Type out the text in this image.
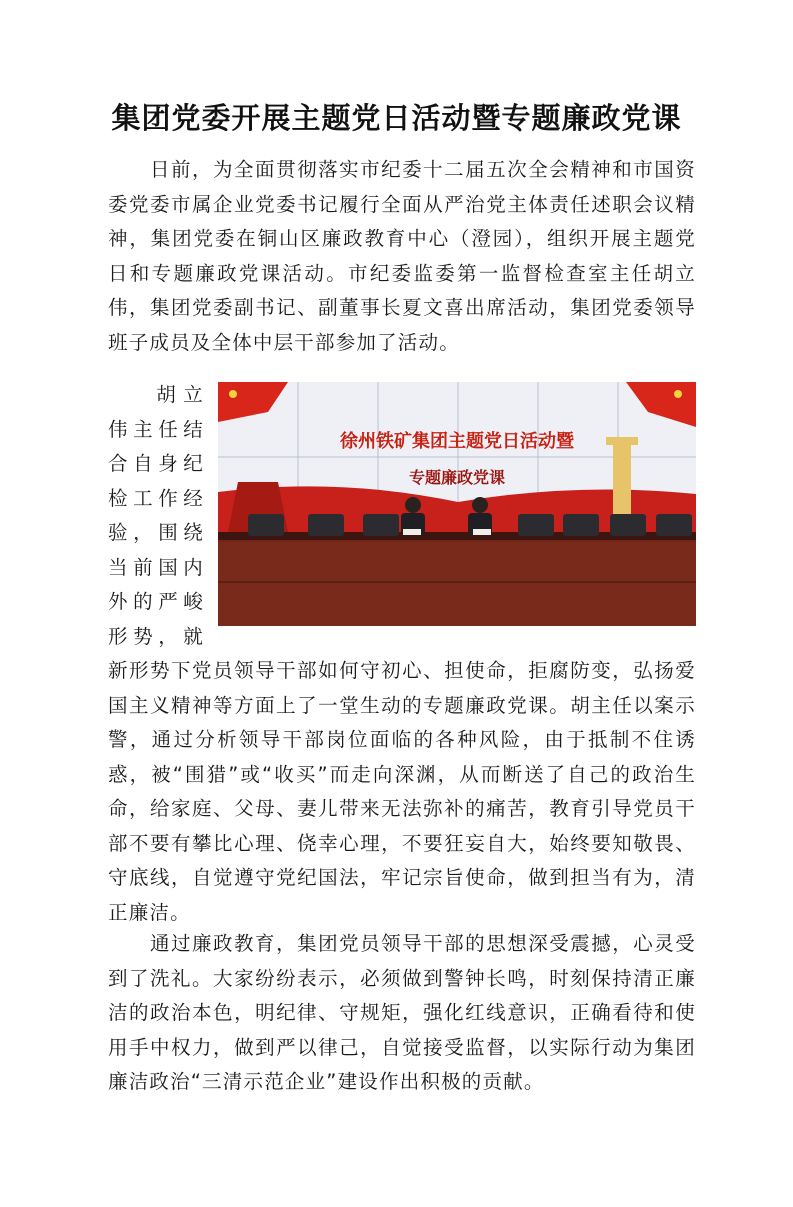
集团党委开展主题党日活动暨专题廉政党课

日前，为全面贯彻落实市纪委十二届五次全会精神和市国资委党委市属企业党委书记履行全面从严治党主体责任述职会议精神，集团党委在铜山区廉政教育中心（澄园），组织开展主题党日和专题廉政党课活动。市纪委监委第一监督检查室主任胡立伟，集团党委副书记、副董事长夏文喜出席活动，集团党委领导班子成员及全体中层干部参加了活动。

徐州铁矿集团主题党日活动暨
专题廉政党课

胡立伟主任结合自身纪检工作经验，围绕当前国内外的严峻形势，就新形势下党员领导干部如何守初心、担使命，拒腐防变，弘扬爱国主义精神等方面上了一堂生动的专题廉政党课。胡主任以案示警，通过分析领导干部岗位面临的各种风险，由于抵制不住诱惑，被“围猎”或“收买”而走向深渊，从而断送了自己的政治生命，给家庭、父母、妻儿带来无法弥补的痛苦，教育引导党员干部不要有攀比心理、侥幸心理，不要狂妄自大，始终要知敬畏、守底线，自觉遵守党纪国法，牢记宗旨使命，做到担当有为，清正廉洁。

通过廉政教育，集团党员领导干部的思想深受震撼，心灵受到了洗礼。大家纷纷表示，必须做到警钟长鸣，时刻保持清正廉洁的政治本色，明纪律、守规矩，强化红线意识，正确看待和使用手中权力，做到严以律己，自觉接受监督，以实际行动为集团廉洁政治“三清示范企业”建设作出积极的贡献。
